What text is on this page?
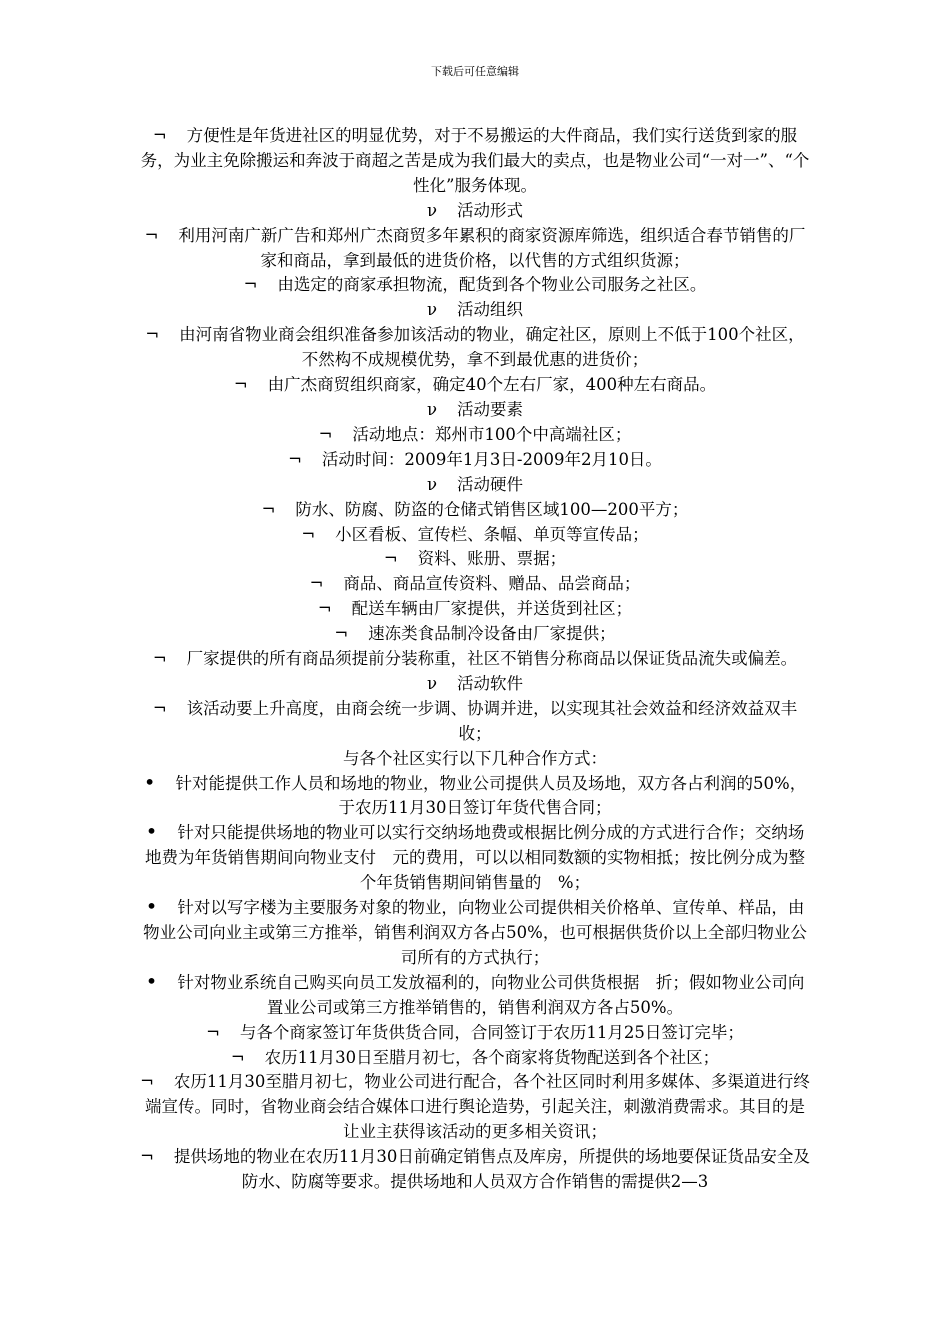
下载后可任意编辑
¬ 方便性是年货进社区的明显优势，对于不易搬运的大件商品，我们实行送货到家的服务，为业主免除搬运和奔波于商超之苦是成为我们最大的卖点，也是物业公司“一对一”、“个性化”服务体现。
ν 活动形式
¬ 利用河南广新广告和郑州广杰商贸多年累积的商家资源库筛选，组织适合春节销售的厂家和商品，拿到最低的进货价格，以代售的方式组织货源；
¬ 由选定的商家承担物流，配货到各个物业公司服务之社区。
ν 活动组织
¬ 由河南省物业商会组织准备参加该活动的物业，确定社区，原则上不低于100个社区，不然构不成规模优势，拿不到最优惠的进货价；
¬ 由广杰商贸组织商家，确定40个左右厂家，400种左右商品。
ν 活动要素
¬ 活动地点：郑州市100个中高端社区；
¬ 活动时间：2009年1月3日-2009年2月10日。
ν 活动硬件
¬ 防水、防腐、防盗的仓储式销售区域100—200平方；
¬ 小区看板、宣传栏、条幅、单页等宣传品；
¬ 资料、账册、票据；
¬ 商品、商品宣传资料、赠品、品尝商品；
¬ 配送车辆由厂家提供，并送货到社区；
¬ 速冻类食品制冷设备由厂家提供；
¬ 厂家提供的所有商品须提前分装称重，社区不销售分称商品以保证货品流失或偏差。
ν 活动软件
¬ 该活动要上升高度，由商会统一步调、协调并进，以实现其社会效益和经济效益双丰收；
与各个社区实行以下几种合作方式：
• 针对能提供工作人员和场地的物业，物业公司提供人员及场地，双方各占利润的50%，于农历11月30日签订年货代售合同；
• 针对只能提供场地的物业可以实行交纳场地费或根据比例分成的方式进行合作；交纳场地费为年货销售期间向物业支付　元的费用，可以以相同数额的实物相抵；按比例分成为整个年货销售期间销售量的　%；
• 针对以写字楼为主要服务对象的物业，向物业公司提供相关价格单、宣传单、样品，由物业公司向业主或第三方推举，销售利润双方各占50%，也可根据供货价以上全部归物业公司所有的方式执行；
• 针对物业系统自己购买向员工发放福利的，向物业公司供货根据　折；假如物业公司向置业公司或第三方推举销售的，销售利润双方各占50%。
¬ 与各个商家签订年货供货合同，合同签订于农历11月25日签订完毕；
¬ 农历11月30日至腊月初七，各个商家将货物配送到各个社区；
¬ 农历11月30至腊月初七，物业公司进行配合，各个社区同时利用多媒体、多渠道进行终端宣传。同时，省物业商会结合媒体口进行舆论造势，引起关注，刺激消费需求。其目的是让业主获得该活动的更多相关资讯；
¬ 提供场地的物业在农历11月30日前确定销售点及库房，所提供的场地要保证货品安全及防水、防腐等要求。提供场地和人员双方合作销售的需提供2—3
